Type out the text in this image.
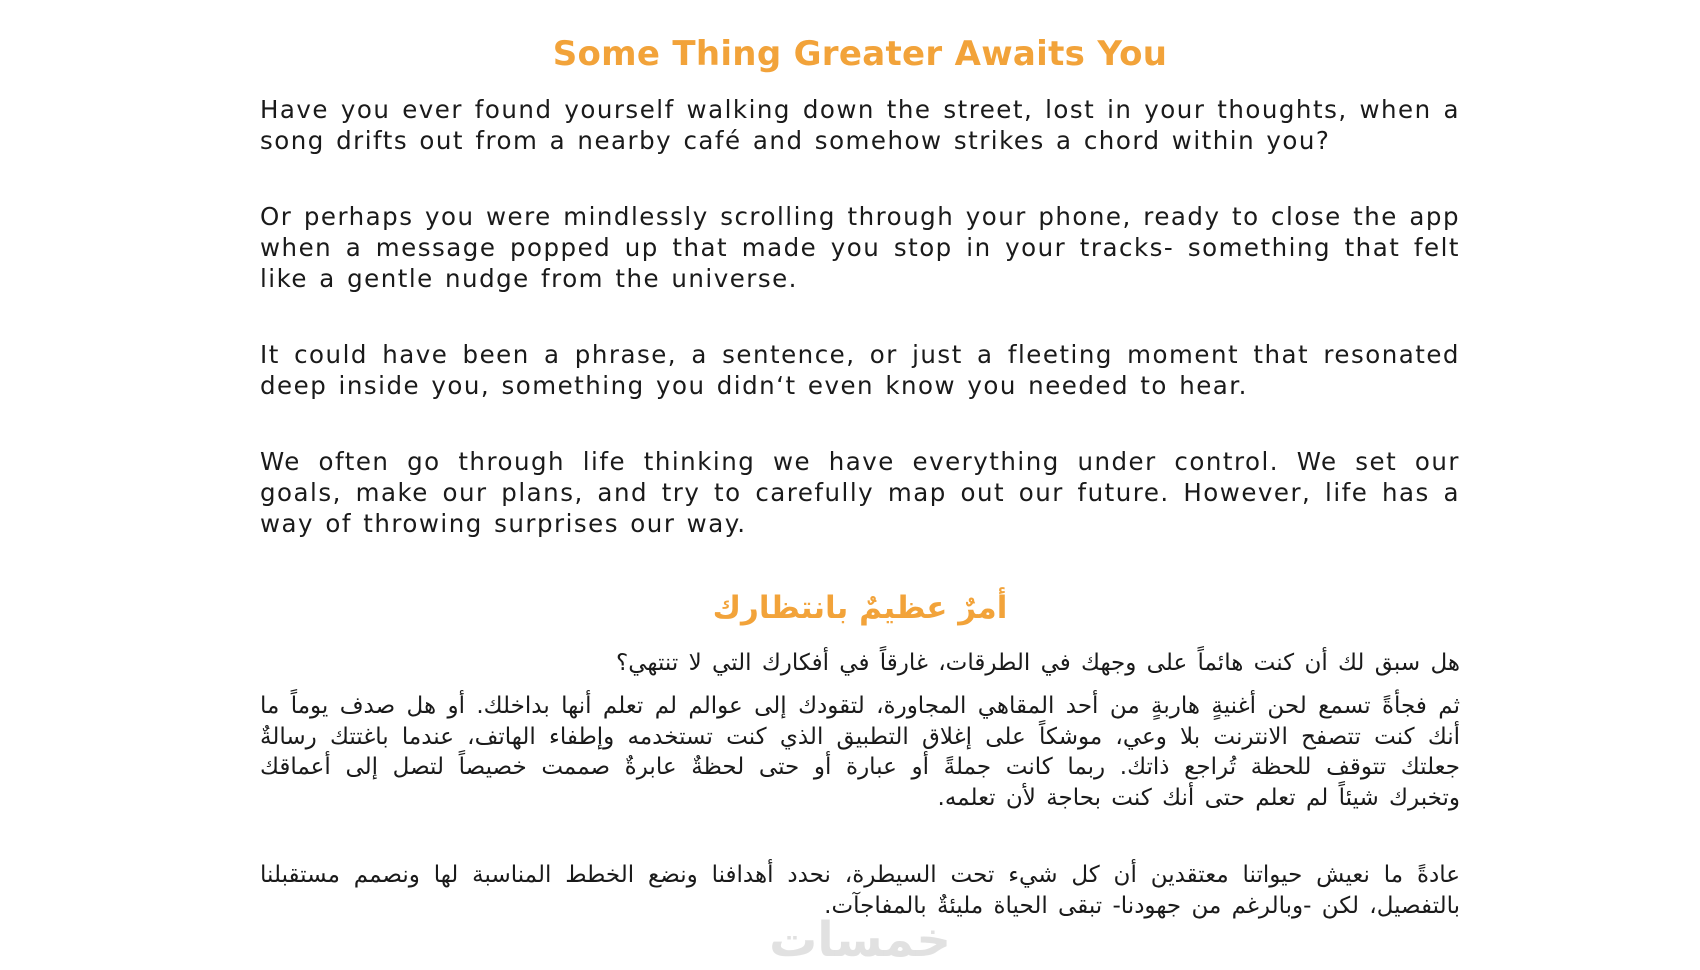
Some Thing Greater Awaits You

Have you ever found yourself walking down the street, lost in your thoughts, when a song drifts out from a nearby café and somehow strikes a chord within you?

Or perhaps you were mindlessly scrolling through your phone, ready to close the app when a message popped up that made you stop in your tracks- something that felt like a gentle nudge from the universe.

It could have been a phrase, a sentence, or just a fleeting moment that resonated deep inside you, something you didn‘t even know you needed to hear.

We often go through life thinking we have everything under control. We set our goals, make our plans, and try to carefully map out our future. However, life has a way of throwing surprises our way.

أمرٌ عظيمٌ بانتظارك

هل سبق لك أن كنت هائماً على وجهك في الطرقات، غارقاً في أفكارك التي لا تنتهي؟

ثم فجأةً تسمع لحن أغنيةٍ هاربةٍ من أحد المقاهي المجاورة، لتقودك إلى عوالم لم تعلم أنها بداخلك. أو هل صدف يوماً ما أنك كنت تتصفح الانترنت بلا وعي، موشكاً على إغلاق التطبيق الذي كنت تستخدمه وإطفاء الهاتف، عندما باغتتك رسالةٌ جعلتك تتوقف للحظة تُراجع ذاتك. ربما كانت جملةً أو عبارة أو حتى لحظةٌ عابرةٌ صممت خصيصاً لتصل إلى أعماقك وتخبرك شيئاً لم تعلم حتى أنك كنت بحاجة لأن تعلمه.

عادةً ما نعيش حيواتنا معتقدين أن كل شيء تحت السيطرة، نحدد أهدافنا ونضع الخطط المناسبة لها ونصمم مستقبلنا بالتفصيل، لكن -وبالرغم من جهودنا- تبقى الحياة مليئةٌ بالمفاجآت.

خمسات
